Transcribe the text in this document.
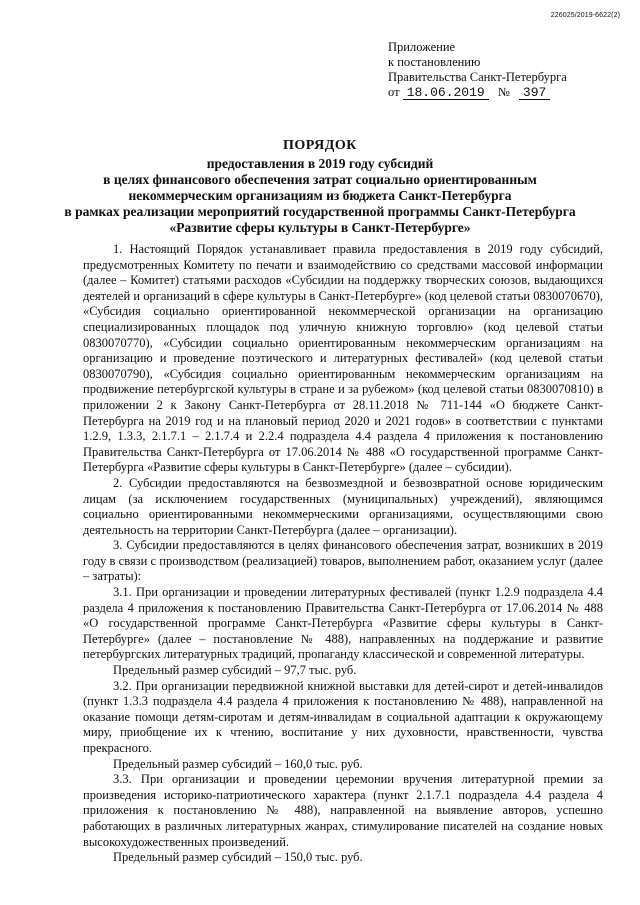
226025/2019-6622(2)
Приложение
к постановлению
Правительства Санкт-Петербурга
от 18.06.2019 № 397
ПОРЯДОК
предоставления в 2019 году субсидий
в целях финансового обеспечения затрат социально ориентированным
некоммерческим организациям из бюджета Санкт-Петербурга
в рамках реализации мероприятий государственной программы Санкт-Петербурга
«Развитие сферы культуры в Санкт-Петербурге»

1. Настоящий Порядок устанавливает правила предоставления в 2019 году субсидий, предусмотренных Комитету по печати и взаимодействию со средствами массовой информации (далее – Комитет) статьями расходов «Субсидии на поддержку творческих союзов, выдающихся деятелей и организаций в сфере культуры в Санкт-Петербурге» (код целевой статьи 0830070670), «Субсидия социально ориентированной некоммерческой организации на организацию специализированных площадок под уличную книжную торговлю» (код целевой статьи 0830070770), «Субсидии социально ориентированным некоммерческим организациям на организацию и проведение поэтического и литературных фестивалей» (код целевой статьи 0830070790), «Субсидия социально ориентированным некоммерческим организациям на продвижение петербургской культуры в стране и за рубежом» (код целевой статьи 0830070810) в приложении 2 к Закону Санкт-Петербурга от 28.11.2018 № 711-144 «О бюджете Санкт-Петербурга на 2019 год и на плановый период 2020 и 2021 годов» в соответствии с пунктами 1.2.9, 1.3.3, 2.1.7.1 – 2.1.7.4 и 2.2.4 подраздела 4.4 раздела 4 приложения к постановлению Правительства Санкт-Петербурга от 17.06.2014 № 488 «О государственной программе Санкт-Петербурга «Развитие сферы культуры в Санкт-Петербурге» (далее – субсидии).

2. Субсидии предоставляются на безвозмездной и безвозвратной основе юридическим лицам (за исключением государственных (муниципальных) учреждений), являющимся социально ориентированными некоммерческими организациями, осуществляющими свою деятельность на территории Санкт-Петербурга (далее – организации).

3. Субсидии предоставляются в целях финансового обеспечения затрат, возникших в 2019 году в связи с производством (реализацией) товаров, выполнением работ, оказанием услуг (далее – затраты):

3.1. При организации и проведении литературных фестивалей (пункт 1.2.9 подраздела 4.4 раздела 4 приложения к постановлению Правительства Санкт-Петербурга от 17.06.2014 № 488 «О государственной программе Санкт-Петербурга «Развитие сферы культуры в Санкт-Петербурге» (далее – постановление № 488), направленных на поддержание и развитие петербургских литературных традиций, пропаганду классической и современной литературы.

Предельный размер субсидий – 97,7 тыс. руб.

3.2. При организации передвижной книжной выставки для детей-сирот и детей-инвалидов (пункт 1.3.3 подраздела 4.4 раздела 4 приложения к постановлению № 488), направленной на оказание помощи детям-сиротам и детям-инвалидам в социальной адаптации к окружающему миру, приобщение их к чтению, воспитание у них духовности, нравственности, чувства прекрасного.

Предельный размер субсидий – 160,0 тыс. руб.

3.3. При организации и проведении церемонии вручения литературной премии за произведения историко-патриотического характера (пункт 2.1.7.1 подраздела 4.4 раздела 4 приложения к постановлению № 488), направленной на выявление авторов, успешно работающих в различных литературных жанрах, стимулирование писателей на создание новых высокохудожественных произведений.

Предельный размер субсидий – 150,0 тыс. руб.
